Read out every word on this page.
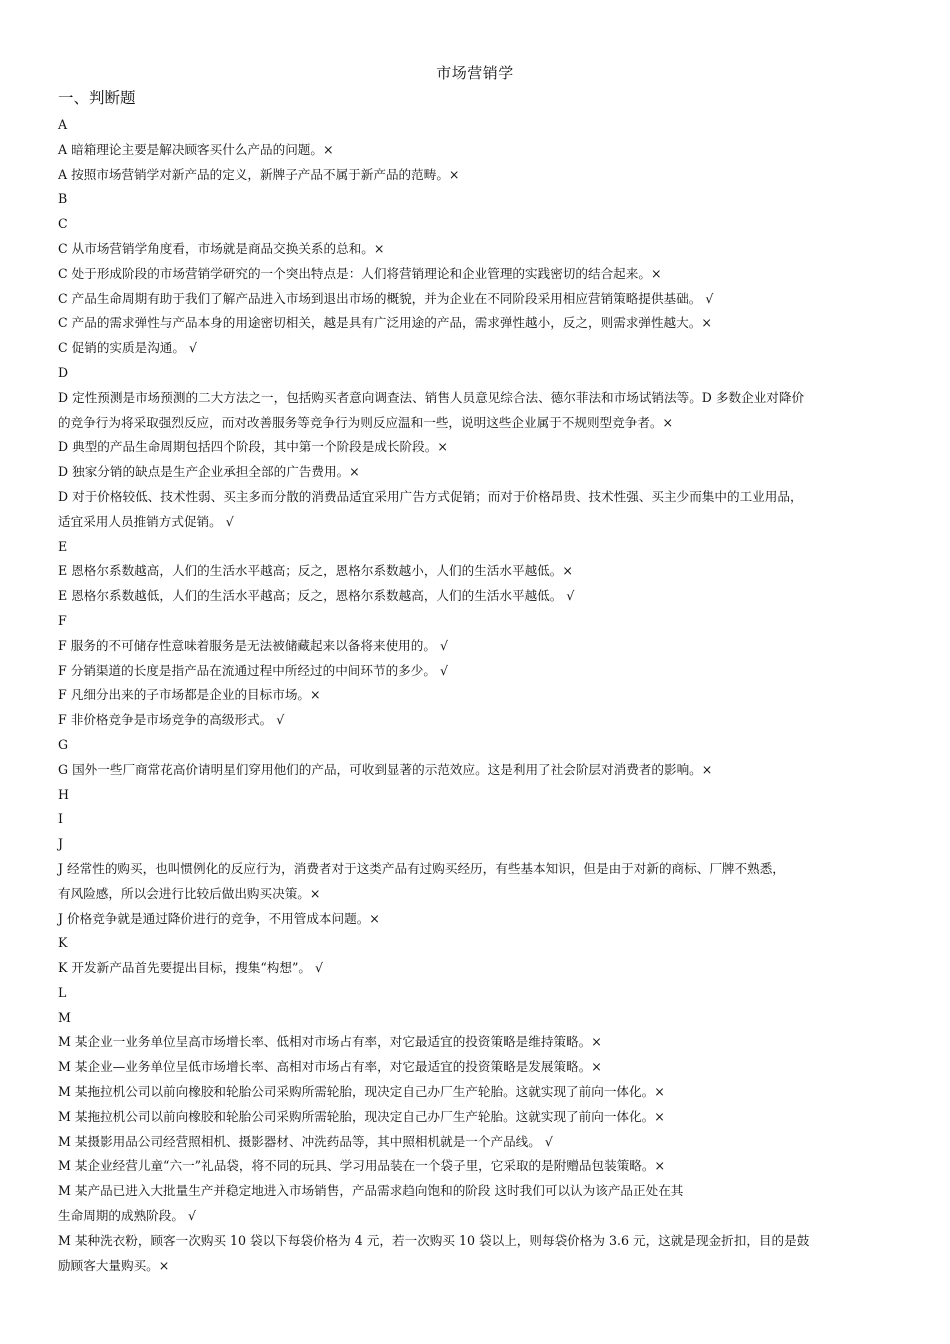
市场营销学
一、判断题
A
A 暗箱理论主要是解决顾客买什么产品的问题。×
A 按照市场营销学对新产品的定义，新牌子产品不属于新产品的范畴。×
B
C
C 从市场营销学角度看，市场就是商品交换关系的总和。×
C 处于形成阶段的市场营销学研究的一个突出特点是：人们将营销理论和企业管理的实践密切的结合起来。×
C 产品生命周期有助于我们了解产品进入市场到退出市场的概貌，并为企业在不同阶段采用相应营销策略提供基础。 √
C 产品的需求弹性与产品本身的用途密切相关，越是具有广泛用途的产品，需求弹性越小，反之，则需求弹性越大。×
C 促销的实质是沟通。 √
D
D 定性预测是市场预测的二大方法之一，包括购买者意向调查法、销售人员意见综合法、德尔菲法和市场试销法等。D 多数企业对降价
的竞争行为将采取强烈反应，而对改善服务等竞争行为则反应温和一些，说明这些企业属于不规则型竞争者。×
D 典型的产品生命周期包括四个阶段，其中第一个阶段是成长阶段。×
D 独家分销的缺点是生产企业承担全部的广告费用。×
D 对于价格较低、技术性弱、买主多而分散的消费品适宜采用广告方式促销；而对于价格昂贵、技术性强、买主少而集中的工业用品，
适宜采用人员推销方式促销。 √
E
E 恩格尔系数越高，人们的生活水平越高；反之，恩格尔系数越小，人们的生活水平越低。×
E 恩格尔系数越低，人们的生活水平越高；反之，恩格尔系数越高，人们的生活水平越低。 √
F
F 服务的不可储存性意味着服务是无法被储藏起来以备将来使用的。 √
F 分销渠道的长度是指产品在流通过程中所经过的中间环节的多少。 √
F 凡细分出来的子市场都是企业的目标市场。×
F 非价格竞争是市场竞争的高级形式。 √
G
G 国外一些厂商常花高价请明星们穿用他们的产品，可收到显著的示范效应。这是利用了社会阶层对消费者的影响。×
H
I
J
J 经常性的购买，也叫惯例化的反应行为，消费者对于这类产品有过购买经历，有些基本知识，但是由于对新的商标、厂牌不熟悉，
有风险感，所以会进行比较后做出购买决策。×
J 价格竞争就是通过降价进行的竞争，不用管成本问题。×
K
K 开发新产品首先要提出目标，搜集“构想”。 √
L
M
M 某企业一业务单位呈高市场增长率、低相对市场占有率，对它最适宜的投资策略是维持策略。×
M 某企业—业务单位呈低市场增长率、高相对市场占有率，对它最适宜的投资策略是发展策略。×
M 某拖拉机公司以前向橡胶和轮胎公司采购所需轮胎，现决定自己办厂生产轮胎。这就实现了前向一体化。×
M 某拖拉机公司以前向橡胶和轮胎公司采购所需轮胎，现决定自己办厂生产轮胎。这就实现了前向一体化。×
M 某摄影用品公司经营照相机、摄影器材、冲洗药品等，其中照相机就是一个产品线。 √
M 某企业经营儿童“六一”礼品袋，将不同的玩具、学习用品装在一个袋子里，它采取的是附赠品包装策略。×
M 某产品已进入大批量生产并稳定地进入市场销售，产品需求趋向饱和的阶段 这时我们可以认为该产品正处在其
生命周期的成熟阶段。 √
M 某种洗衣粉，顾客一次购买 10 袋以下每袋价格为 4 元，若一次购买 10 袋以上，则每袋价格为 3.6 元，这就是现金折扣，目的是鼓
励顾客大量购买。×
